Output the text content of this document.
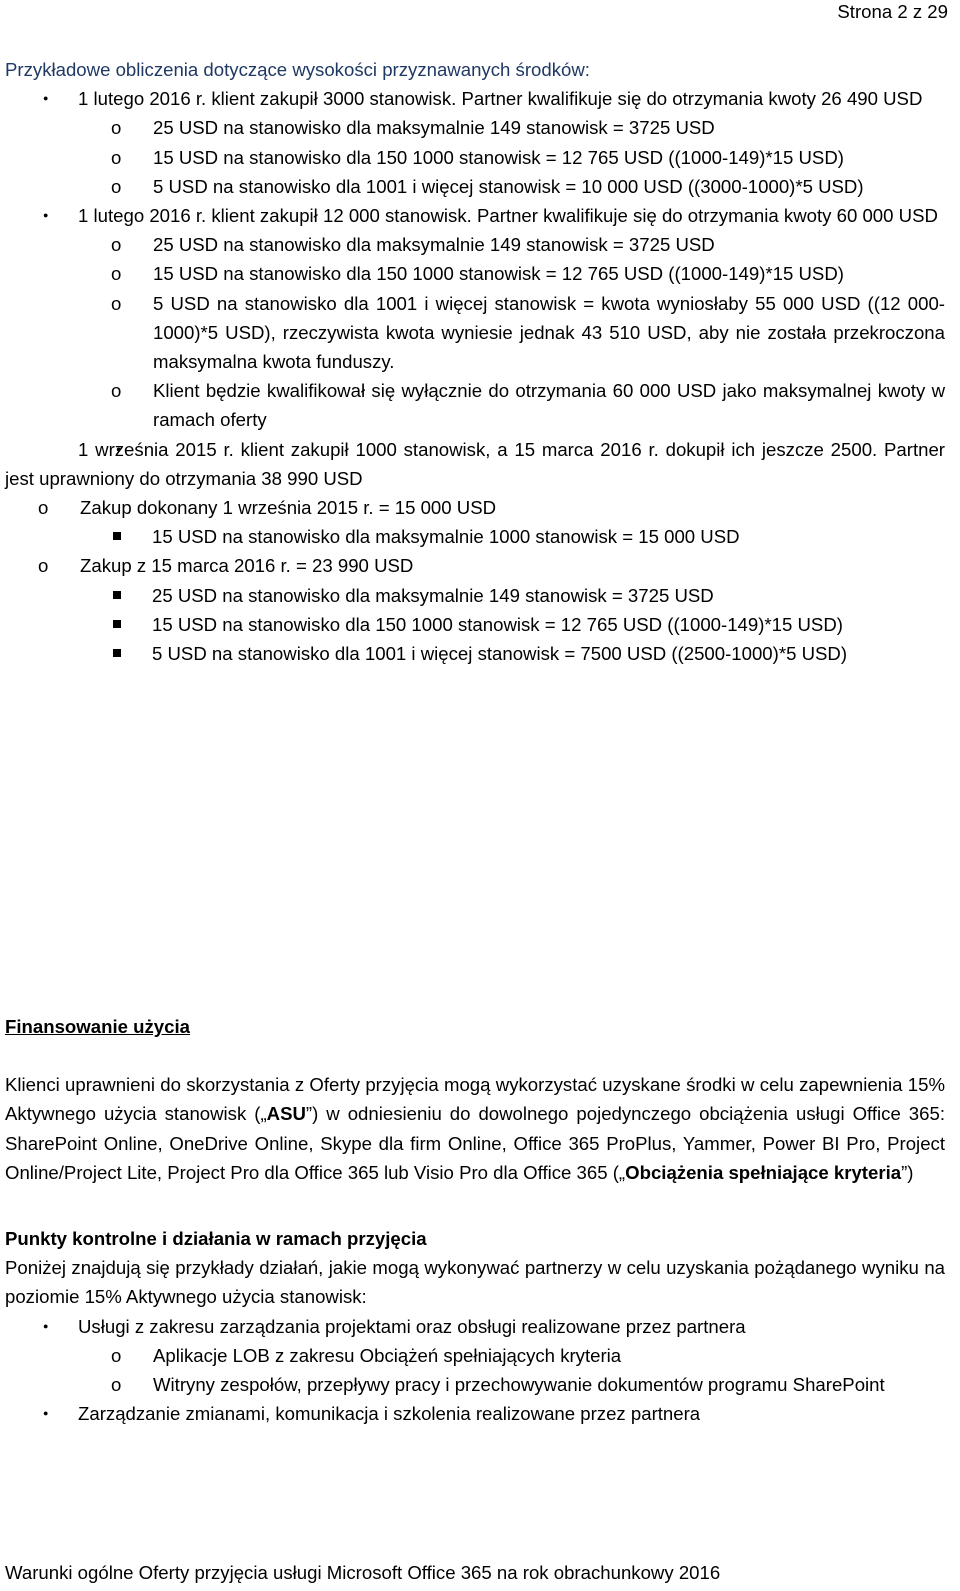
Strona 2 z 29
Przykładowe obliczenia dotyczące wysokości przyznawanych środków:
● 1 lutego 2016 r. klient zakupił 3000 stanowisk. Partner kwalifikuje się do otrzymania kwoty 26 490 USD
o 25 USD na stanowisko dla maksymalnie 149 stanowisk = 3725 USD
o 15 USD na stanowisko dla 150 1000 stanowisk = 12 765 USD ((1000-149)*15 USD)
o 5 USD na stanowisko dla 1001 i więcej stanowisk = 10 000 USD ((3000-1000)*5 USD)
● 1 lutego 2016 r. klient zakupił 12 000 stanowisk. Partner kwalifikuje się do otrzymania kwoty 60 000 USD
o 25 USD na stanowisko dla maksymalnie 149 stanowisk = 3725 USD
o 15 USD na stanowisko dla 150 1000 stanowisk = 12 765 USD ((1000-149)*15 USD)
o 5 USD na stanowisko dla 1001 i więcej stanowisk = kwota wyniosłaby 55 000 USD ((12 000-1000)*5 USD), rzeczywista kwota wyniesie jednak 43 510 USD, aby nie została przekroczona maksymalna kwota funduszy.
o Klient będzie kwalifikował się wyłącznie do otrzymania 60 000 USD jako maksymalnej kwoty w ramach oferty
● 1 września 2015 r. klient zakupił 1000 stanowisk, a 15 marca 2016 r. dokupił ich jeszcze 2500. Partner jest uprawniony do otrzymania 38 990 USD
o Zakup dokonany 1 września 2015 r. = 15 000 USD
15 USD na stanowisko dla maksymalnie 1000 stanowisk = 15 000 USD
o Zakup z 15 marca 2016 r. = 23 990 USD
25 USD na stanowisko dla maksymalnie 149 stanowisk = 3725 USD
15 USD na stanowisko dla 150 1000 stanowisk = 12 765 USD ((1000-149)*15 USD)
5 USD na stanowisko dla 1001 i więcej stanowisk = 7500 USD ((2500-1000)*5 USD)
Finansowanie użycia

Klienci uprawnieni do skorzystania z Oferty przyjęcia mogą wykorzystać uzyskane środki w celu zapewnienia 15% Aktywnego użycia stanowisk („ASU”) w odniesieniu do dowolnego pojedynczego obciążenia usługi Office 365: SharePoint Online, OneDrive Online, Skype dla firm Online, Office 365 ProPlus, Yammer, Power BI Pro, Project Online/Project Lite, Project Pro dla Office 365 lub Visio Pro dla Office 365 („Obciążenia spełniające kryteria”)

Punkty kontrolne i działania w ramach przyjęcia

Poniżej znajdują się przykłady działań, jakie mogą wykonywać partnerzy w celu uzyskania pożądanego wyniku na poziomie 15% Aktywnego użycia stanowisk:

● Usługi z zakresu zarządzania projektami oraz obsługi realizowane przez partnera
o Aplikacje LOB z zakresu Obciążeń spełniających kryteria
o Witryny zespołów, przepływy pracy i przechowywanie dokumentów programu SharePoint
● Zarządzanie zmianami, komunikacja i szkolenia realizowane przez partnera
Warunki ogólne Oferty przyjęcia usługi Microsoft Office 365 na rok obrachunkowy 2016
